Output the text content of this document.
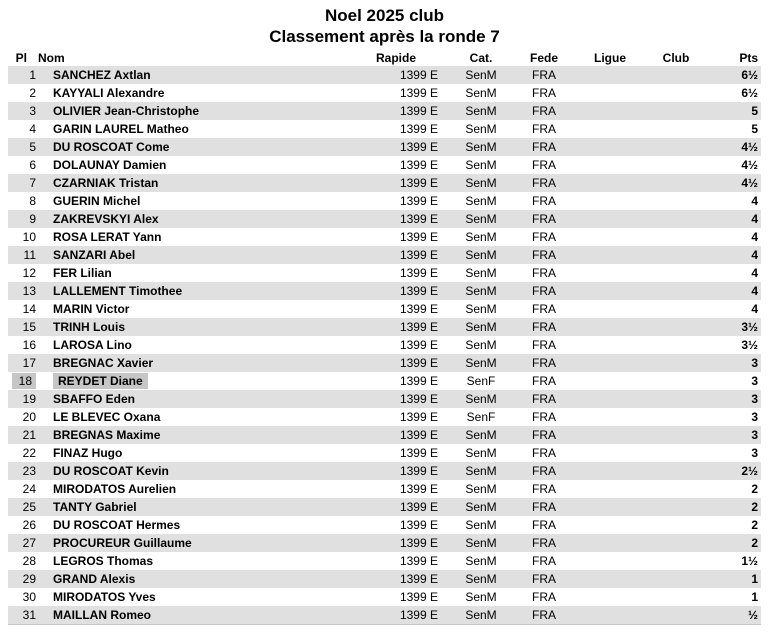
Noel 2025 club
Classement après la ronde 7
Pl	Nom	Rapide	Cat.	Fede	Ligue	Club	Pts
1	SANCHEZ Axtlan	1399 E	SenM	FRA			6½
2	KAYYALI Alexandre	1399 E	SenM	FRA			6½
3	OLIVIER Jean-Christophe	1399 E	SenM	FRA			5
4	GARIN LAUREL Matheo	1399 E	SenM	FRA			5
5	DU ROSCOAT Come	1399 E	SenM	FRA			4½
6	DOLAUNAY Damien	1399 E	SenM	FRA			4½
7	CZARNIAK Tristan	1399 E	SenM	FRA			4½
8	GUERIN Michel	1399 E	SenM	FRA			4
9	ZAKREVSKYI Alex	1399 E	SenM	FRA			4
10	ROSA LERAT Yann	1399 E	SenM	FRA			4
11	SANZARI Abel	1399 E	SenM	FRA			4
12	FER Lilian	1399 E	SenM	FRA			4
13	LALLEMENT Timothee	1399 E	SenM	FRA			4
14	MARIN Victor	1399 E	SenM	FRA			4
15	TRINH Louis	1399 E	SenM	FRA			3½
16	LAROSA Lino	1399 E	SenM	FRA			3½
17	BREGNAC Xavier	1399 E	SenM	FRA			3
18	REYDET Diane	1399 E	SenF	FRA			3
19	SBAFFO Eden	1399 E	SenM	FRA			3
20	LE BLEVEC Oxana	1399 E	SenF	FRA			3
21	BREGNAS Maxime	1399 E	SenM	FRA			3
22	FINAZ Hugo	1399 E	SenM	FRA			3
23	DU ROSCOAT Kevin	1399 E	SenM	FRA			2½
24	MIRODATOS Aurelien	1399 E	SenM	FRA			2
25	TANTY Gabriel	1399 E	SenM	FRA			2
26	DU ROSCOAT Hermes	1399 E	SenM	FRA			2
27	PROCUREUR Guillaume	1399 E	SenM	FRA			2
28	LEGROS Thomas	1399 E	SenM	FRA			1½
29	GRAND Alexis	1399 E	SenM	FRA			1
30	MIRODATOS Yves	1399 E	SenM	FRA			1
31	MAILLAN Romeo	1399 E	SenM	FRA			½
